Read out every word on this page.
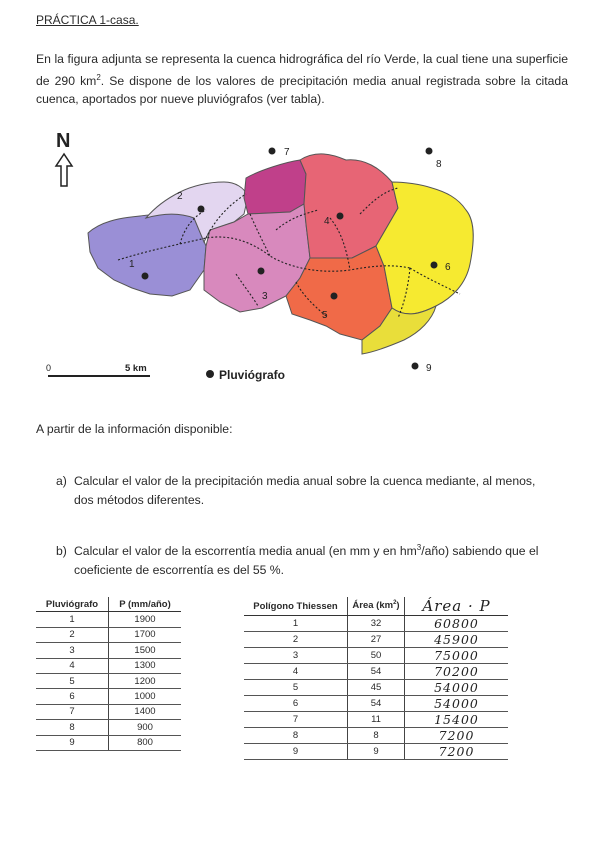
PRÁCTICA 1-casa.
En la figura adjunta se representa la cuenca hidrográfica del río Verde, la cual tiene una superficie de 290 $km^2$. Se dispone de los valores de precipitación media anual registrada sobre la citada cuenca, aportados por nueve pluviógrafos (ver tabla).
N
1
2
3
4
5
6
7
8
9
0	5 km	Pluviógrafo
A partir de la información disponible:
a) Calcular el valor de la precipitación media anual sobre la cuenca mediante, al menos,
dos métodos diferentes.
b) Calcular el valor de la escorrentía media anual (en mm y en $hm^3/año$) sabiendo que el
coeficiente de escorrentía es del 55 %.
Pluviógrafo	P (mm/año)
1	1900
2	1700
3	1500
4	1300
5	1200
6	1000
7	1400
8	900
9	800
Polígono Thiessen	Área $(km^2)$	Área · P
1	32	60800
2	27	45900
3	50	75000
4	54	70200
5	45	54000
6	54	54000
7	11	15400
8	8	7200
9	9	7200
